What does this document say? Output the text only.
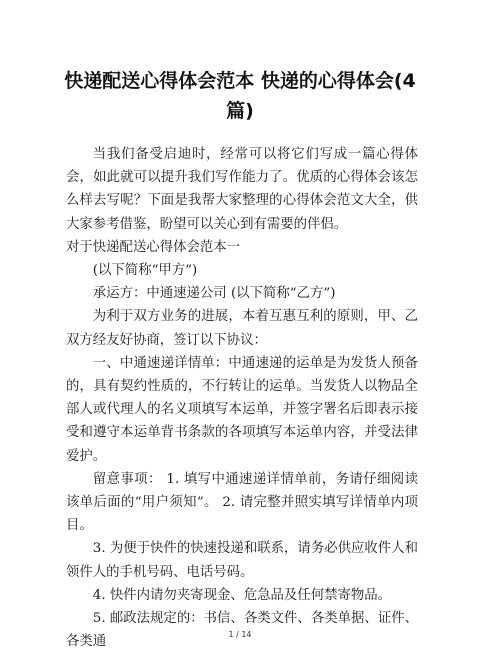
快递配送心得体会范本 快递的心得体会(4篇)

当我们备受启迪时，经常可以将它们写成一篇心得体会，如此就可以提升我们写作能力了。优质的心得体会该怎么样去写呢？下面是我帮大家整理的心得体会范文大全，供大家参考借鉴，盼望可以关心到有需要的伴侣。

对于快递配送心得体会范本一

(以下简称“甲方”)

承运方：中通速递公司 (以下简称“乙方”)

为利于双方业务的进展，本着互惠互利的原则，甲、乙双方经友好协商，签订以下协议：

一、中通速递详情单：中通速递的运单是为发货人预备的，具有契约性质的，不行转让的运单。当发货人以物品全部人或代理人的名义项填写本运单，并签字署名后即表示接受和遵守本运单背书条款的各项填写本运单内容，并受法律爱护。

留意事项： 1. 填写中通速递详情单前，务请仔细阅读该单后面的“用户须知”。 2. 请完整并照实填写详情单内项目。

3. 为便于快件的快速投递和联系，请务必供应收件人和领件人的手机号码、电话号码。

4. 快件内请勿夹寄现金、危急品及任何禁寄物品。

5. 邮政法规定的：书信、各类文件、各类单据、证件、各类通	1 / 14
